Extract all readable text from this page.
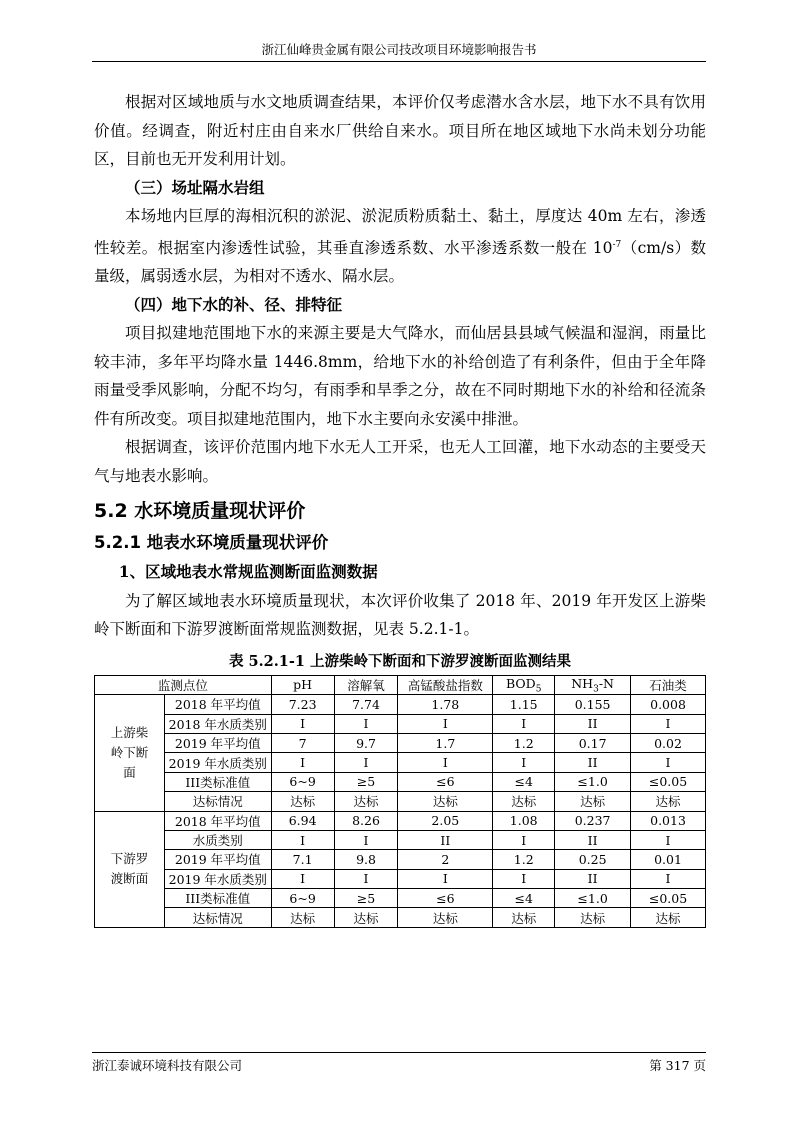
浙江仙峰贵金属有限公司技改项目环境影响报告书

根据对区域地质与水文地质调查结果，本评价仅考虑潜水含水层，地下水不具有饮用价值。经调查，附近村庄由自来水厂供给自来水。项目所在地区域地下水尚未划分功能区，目前也无开发利用计划。

（三）场址隔水岩组

本场地内巨厚的海相沉积的淤泥、淤泥质粉质黏土、黏土，厚度达 40m 左右，渗透性较差。根据室内渗透性试验，其垂直渗透系数、水平渗透系数一般在 $10^{-7}(cm/s)$数量级，属弱透水层，为相对不透水、隔水层。

（四）地下水的补、径、排特征

项目拟建地范围地下水的来源主要是大气降水，而仙居县县域气候温和湿润，雨量比较丰沛，多年平均降水量 1446.8mm，给地下水的补给创造了有利条件，但由于全年降雨量受季风影响，分配不均匀，有雨季和旱季之分，故在不同时期地下水的补给和径流条件有所改变。项目拟建地范围内，地下水主要向永安溪中排泄。

根据调查，该评价范围内地下水无人工开采，也无人工回灌，地下水动态的主要受天气与地表水影响。

5.2 水环境质量现状评价
5.2.1 地表水环境质量现状评价

1、区域地表水常规监测断面监测数据

为了解区域地表水环境质量现状，本次评价收集了 2018 年、2019 年开发区上游柴岭下断面和下游罗渡断面常规监测数据，见表 5.2.1-1。

表 5.2.1-1 上游柴岭下断面和下游罗渡断面监测结果
监测点位		pH	溶解氧	高锰酸盐指数	$BOD_5$	$NH_3-N$	石油类
上游柴岭下断面	2018 年平均值	7.23	7.74	1.78	1.15	0.155	0.008
	2018 年水质类别	I	I	I	I	II	I
	2019 年平均值	7	9.7	1.7	1.2	0.17	0.02
	2019 年水质类别	I	I	I	I	II	I
	III类标准值	6~9	≥5	≤6	≤4	≤1.0	≤0.05
	达标情况	达标	达标	达标	达标	达标	达标
下游罗渡断面	2018 年平均值	6.94	8.26	2.05	1.08	0.237	0.013
	水质类别	I	I	II	I	II	I
	2019 年平均值	7.1	9.8	2	1.2	0.25	0.01
	2019 年水质类别	I	I	I	I	II	I
	III类标准值	6~9	≥5	≤6	≤4	≤1.0	≤0.05
	达标情况	达标	达标	达标	达标	达标	达标
浙江泰诚环境科技有限公司	第 317 页
